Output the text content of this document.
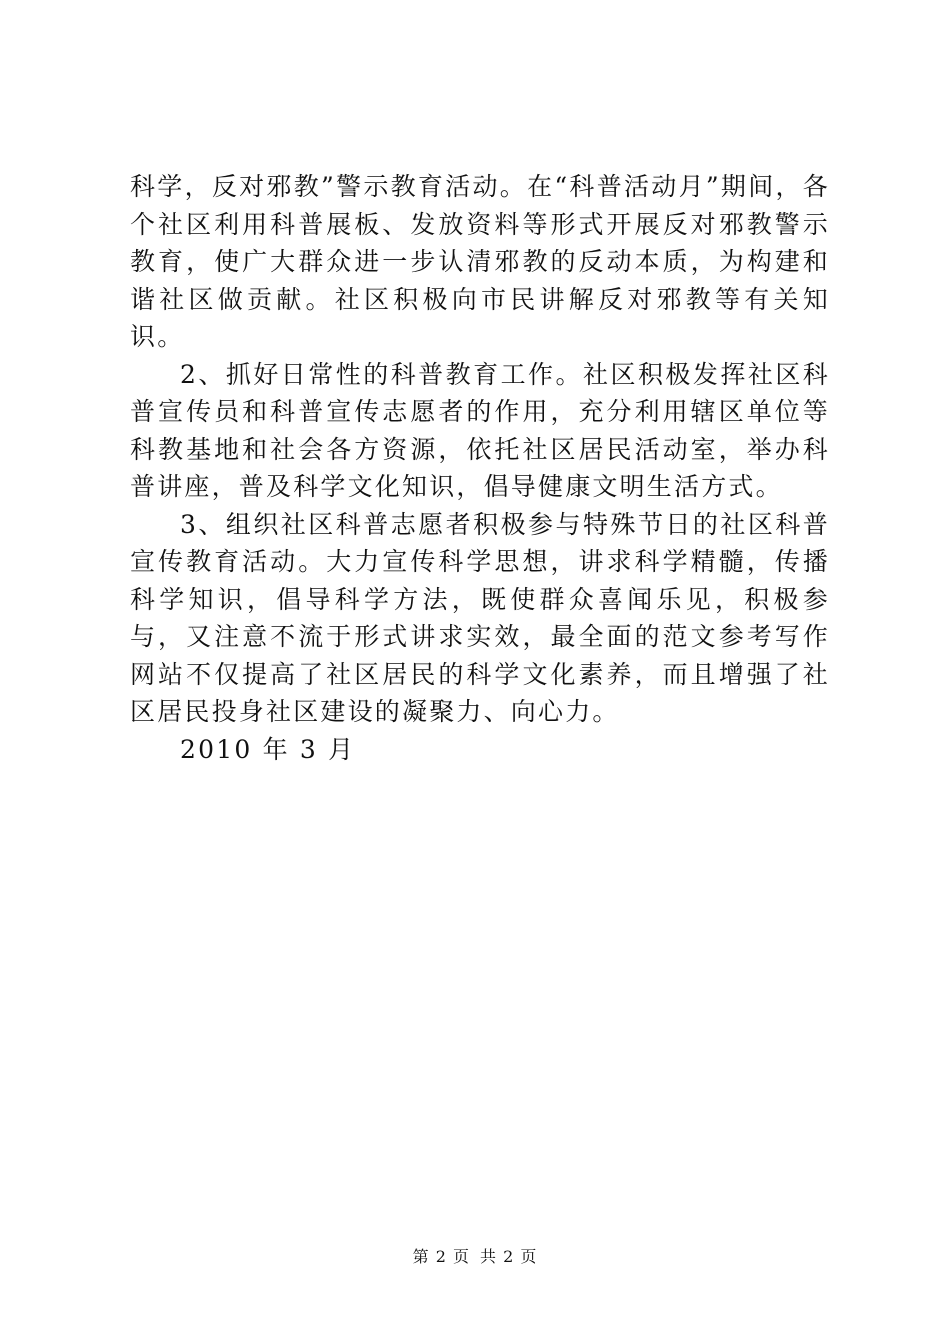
科学，反对邪教”警示教育活动。在“科普活动月”期间，各个社区利用科普展板、发放资料等形式开展反对邪教警示教育，使广大群众进一步认清邪教的反动本质，为构建和谐社区做贡献。社区积极向市民讲解反对邪教等有关知识。

2、抓好日常性的科普教育工作。社区积极发挥社区科普宣传员和科普宣传志愿者的作用，充分利用辖区单位等科教基地和社会各方资源，依托社区居民活动室，举办科普讲座，普及科学文化知识，倡导健康文明生活方式。

3、组织社区科普志愿者积极参与特殊节日的社区科普宣传教育活动。大力宣传科学思想，讲求科学精髓，传播科学知识，倡导科学方法，既使群众喜闻乐见，积极参与，又注意不流于形式讲求实效，最全面的范文参考写作网站不仅提高了社区居民的科学文化素养，而且增强了社区居民投身社区建设的凝聚力、向心力。

2010 年 3 月

第 2 页 共 2 页
